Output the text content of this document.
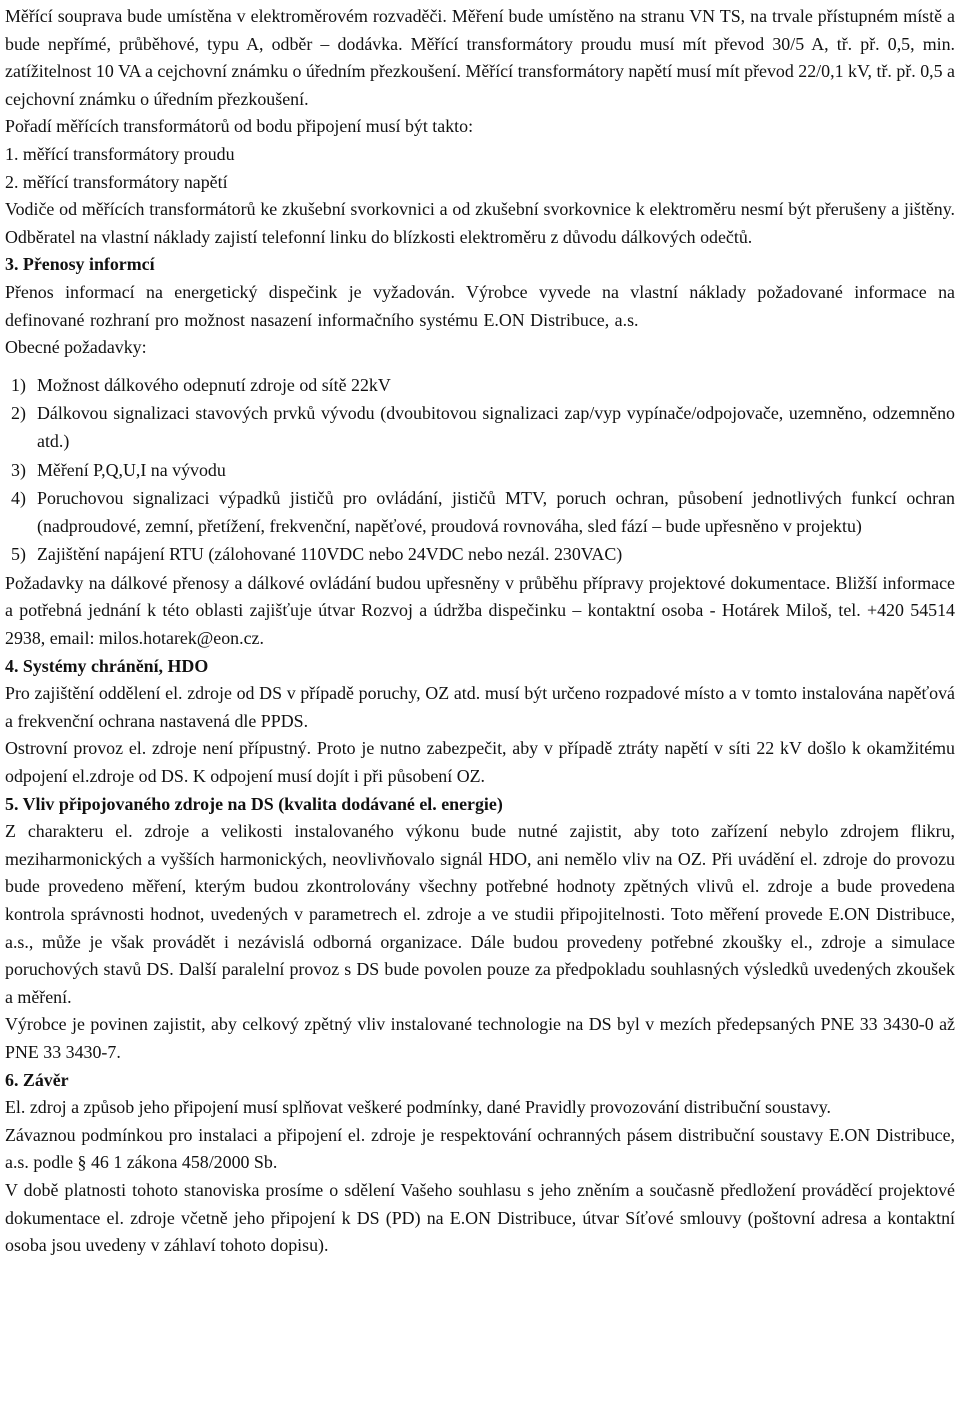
Měřící souprava bude umístěna v elektroměrovém rozvaděči. Měření bude umístěno na stranu VN TS, na trvale přístupném místě a bude nepřímé, průběhové, typu A, odběr – dodávka. Měřící transformátory proudu musí mít převod 30/5 A, tř. př. 0,5, min. zatížitelnost 10 VA a cejchovní známku o úředním přezkoušení. Měřící transformátory napětí musí mít převod 22/0,1 kV, tř. př. 0,5 a cejchovní známku o úředním přezkoušení.

Pořadí měřících transformátorů od bodu připojení musí být takto:

1. měřící transformátory proudu

2. měřící transformátory napětí

Vodiče od měřících transformátorů ke zkušební svorkovnici a od zkušební svorkovnice k elektroměru nesmí být přerušeny a jištěny. Odběratel na vlastní náklady zajistí telefonní linku do blízkosti elektroměru z důvodu dálkových odečtů.

3. Přenosy informcí

Přenos informací na energetický dispečink je vyžadován. Výrobce vyvede na vlastní náklady požadované informace na definované rozhraní pro možnost nasazení informačního systému E.ON Distribuce, a.s.

Obecné požadavky:

1) Možnost dálkového odepnutí zdroje od sítě 22kV
2) Dálkovou signalizaci stavových prvků vývodu (dvoubitovou signalizaci zap/vyp vypínače/odpojovače, uzemněno, odzemněno atd.)
3) Měření P,Q,U,I na vývodu
4) Poruchovou signalizaci výpadků jističů pro ovládání, jističů MTV, poruch ochran, působení jednotlivých funkcí ochran (nadproudové, zemní, přetížení, frekvenční, napěťové, proudová rovnováha, sled fází – bude upřesněno v projektu)
5) Zajištění napájení RTU (zálohované 110VDC nebo 24VDC nebo nezál. 230VAC)

Požadavky na dálkové přenosy a dálkové ovládání budou upřesněny v průběhu přípravy projektové dokumentace. Bližší informace a potřebná jednání k této oblasti zajišťuje útvar Rozvoj a údržba dispečinku – kontaktní osoba - Hotárek Miloš, tel. +420 54514 2938, email: milos.hotarek@eon.cz.

4. Systémy chránění, HDO

Pro zajištění oddělení el. zdroje od DS v případě poruchy, OZ atd. musí být určeno rozpadové místo a v tomto instalována napěťová a frekvenční ochrana nastavená dle PPDS.

Ostrovní provoz el. zdroje není přípustný. Proto je nutno zabezpečit, aby v případě ztráty napětí v síti 22 kV došlo k okamžitému odpojení el.zdroje od DS. K odpojení musí dojít i při působení OZ.

5. Vliv připojovaného zdroje na DS (kvalita dodávané el. energie)

Z charakteru el. zdroje a velikosti instalovaného výkonu bude nutné zajistit, aby toto zařízení nebylo zdrojem flikru, meziharmonických a vyšších harmonických, neovlivňovalo signál HDO, ani nemělo vliv na OZ. Při uvádění el. zdroje do provozu bude provedeno měření, kterým budou zkontrolovány všechny potřebné hodnoty zpětných vlivů el. zdroje a bude provedena kontrola správnosti hodnot, uvedených v parametrech el. zdroje a ve studii připojitelnosti. Toto měření provede E.ON Distribuce, a.s., může je však provádět i nezávislá odborná organizace. Dále budou provedeny potřebné zkoušky el., zdroje a simulace poruchových stavů DS. Další paralelní provoz s DS bude povolen pouze za předpokladu souhlasných výsledků uvedených zkoušek a měření.

Výrobce je povinen zajistit, aby celkový zpětný vliv instalované technologie na DS byl v mezích předepsaných PNE 33 3430-0 až PNE 33 3430-7.

6. Závěr

El. zdroj a způsob jeho připojení musí splňovat veškeré podmínky, dané Pravidly provozování distribuční soustavy.

Závaznou podmínkou pro instalaci a připojení el. zdroje je respektování ochranných pásem distribuční soustavy E.ON Distribuce, a.s. podle § 46 1 zákona 458/2000 Sb.

V době platnosti tohoto stanoviska prosíme o sdělení Vašeho souhlasu s jeho zněním a současně předložení prováděcí projektové dokumentace el. zdroje včetně jeho připojení k DS (PD) na E.ON Distribuce, útvar Síťové smlouvy (poštovní adresa a kontaktní osoba jsou uvedeny v záhlaví tohoto dopisu).
